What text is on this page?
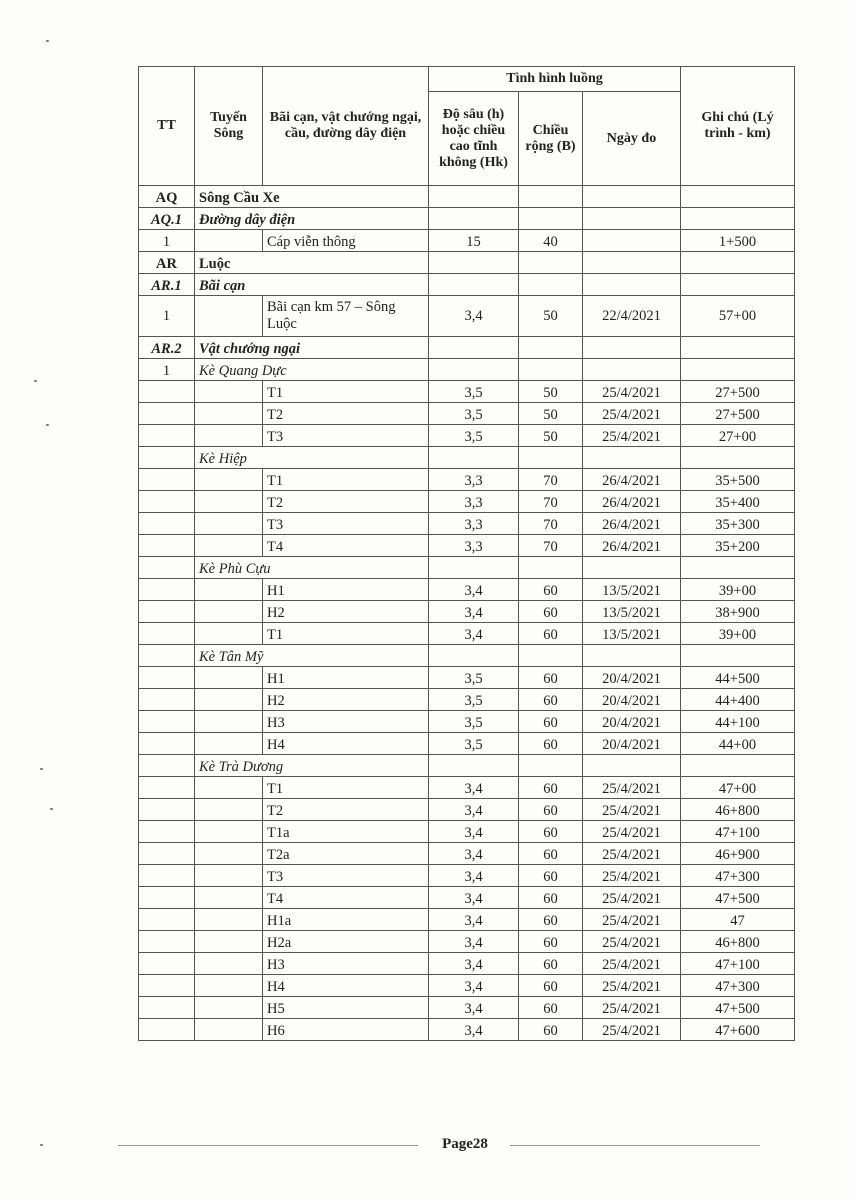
TT	Tuyến Sông	Bãi cạn, vật chướng ngại, cầu, đường dây điện	Tình hình luồng			Ghi chú (Lý trình - km)
			Độ sâu (h) hoặc chiều cao tĩnh không (Hk)	Chiều rộng (B)	Ngày đo	
AQ	Sông Cầu Xe					
AQ.1	Đường dây điện					
1		Cáp viễn thông	15	40		1+500
AR	Luộc					
AR.1	Bãi cạn					
1		Bãi cạn km 57 – Sông Luộc	3,4	50	22/4/2021	57+00
AR.2	Vật chướng ngại					
1	Kè Quang Dực					
		T1	3,5	50	25/4/2021	27+500
		T2	3,5	50	25/4/2021	27+500
		T3	3,5	50	25/4/2021	27+00
	Kè Hiệp					
		T1	3,3	70	26/4/2021	35+500
		T2	3,3	70	26/4/2021	35+400
		T3	3,3	70	26/4/2021	35+300
		T4	3,3	70	26/4/2021	35+200
	Kè Phù Cựu					
		H1	3,4	60	13/5/2021	39+00
		H2	3,4	60	13/5/2021	38+900
		T1	3,4	60	13/5/2021	39+00
	Kè Tân Mỹ					
		H1	3,5	60	20/4/2021	44+500
		H2	3,5	60	20/4/2021	44+400
		H3	3,5	60	20/4/2021	44+100
		H4	3,5	60	20/4/2021	44+00
	Kè Trà Dương					
		T1	3,4	60	25/4/2021	47+00
		T2	3,4	60	25/4/2021	46+800
		T1a	3,4	60	25/4/2021	47+100
		T2a	3,4	60	25/4/2021	46+900
		T3	3,4	60	25/4/2021	47+300
		T4	3,4	60	25/4/2021	47+500
		H1a	3,4	60	25/4/2021	47
		H2a	3,4	60	25/4/2021	46+800
		H3	3,4	60	25/4/2021	47+100
		H4	3,4	60	25/4/2021	47+300
		H5	3,4	60	25/4/2021	47+500
		H6	3,4	60	25/4/2021	47+600
Page28
